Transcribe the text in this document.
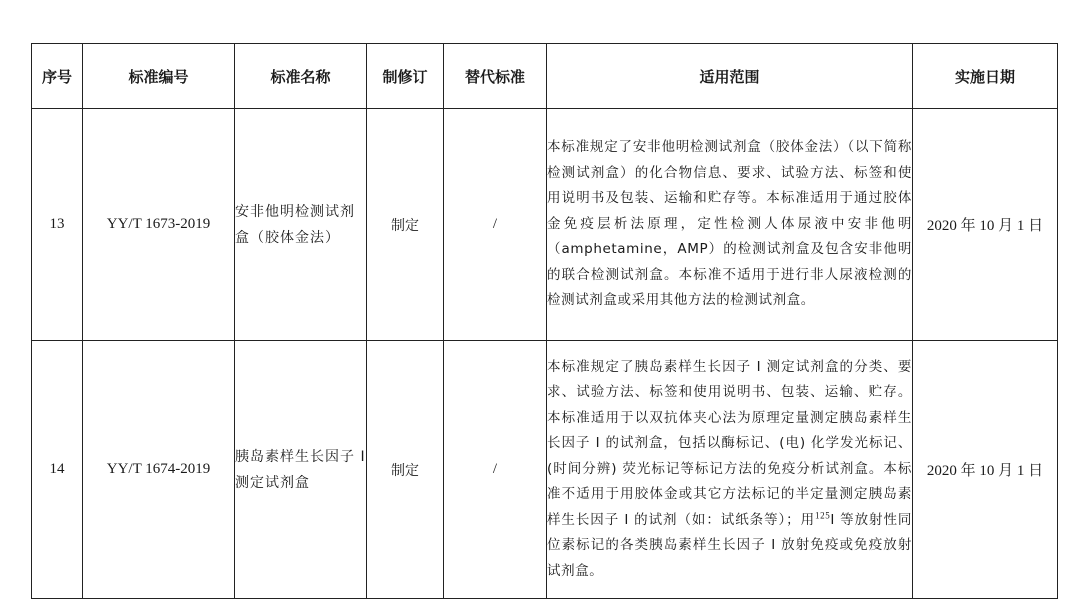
序号	标准编号	标准名称	制修订	替代标准	适用范围	实施日期
13	YY/T 1673-2019	安非他明检测试剂盒（胶体金法）	制定	/	本标准规定了安非他明检测试剂盒（胶体金法）（以下简称检测试剂盒）的化合物信息、要求、试验方法、标签和使用说明书及包装、运输和贮存等。本标准适用于通过胶体金免疫层析法原理，定性检测人体尿液中安非他明（amphetamine，AMP）的检测试剂盒及包含安非他明的联合检测试剂盒。本标准不适用于进行非人尿液检测的检测试剂盒或采用其他方法的检测试剂盒。	2020 年 10 月 1 日
14	YY/T 1674-2019	胰岛素样生长因子 I 测定试剂盒	制定	/	本标准规定了胰岛素样生长因子 I 测定试剂盒的分类、要求、试验方法、标签和使用说明书、包装、运输、贮存。本标准适用于以双抗体夹心法为原理定量测定胰岛素样生长因子 I 的试剂盒，包括以酶标记、(电) 化学发光标记、(时间分辨) 荧光标记等标记方法的免疫分析试剂盒。本标准不适用于用胶体金或其它方法标记的半定量测定胰岛素样生长因子 I 的试剂（如：试纸条等）；用$^{125}$I 等放射性同位素标记的各类胰岛素样生长因子 I 放射免疫或免疫放射试剂盒。	2020 年 10 月 1 日
